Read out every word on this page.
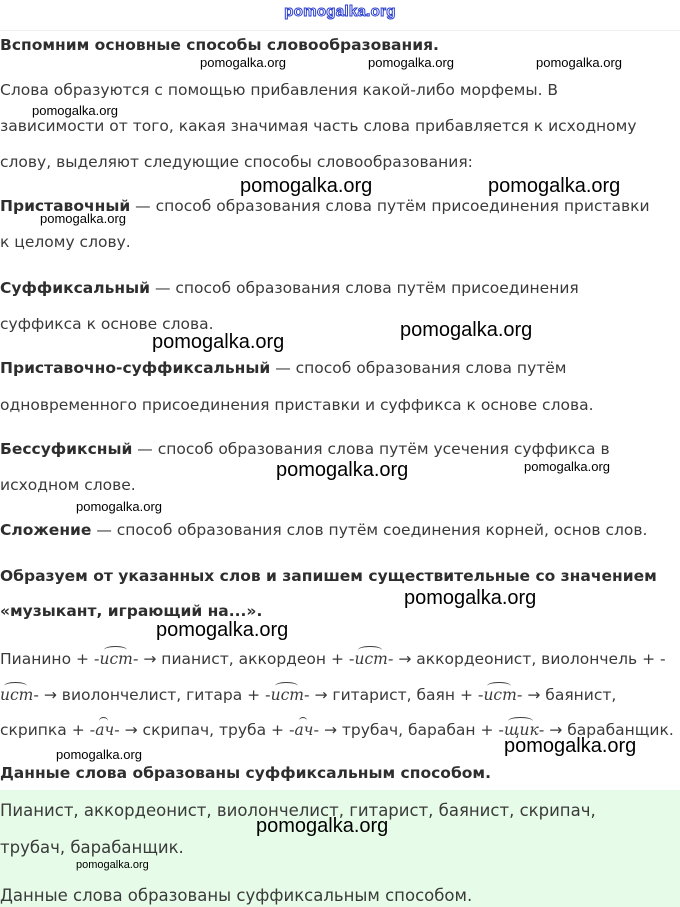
pomogalka.org
Вспомним основные способы словообразования.
Слова образуются с помощью прибавления какой-либо морфемы. В
зависимости от того, какая значимая часть слова прибавляется к исходному
слову, выделяют следующие способы словообразования:
Приставочный — способ образования слова путём присоединения приставки
к целому слову.
Суффиксальный — способ образования слова путём присоединения
суффикса к основе слова.
Приставочно-суффиксальный — способ образования слова путём
одновременного присоединения приставки и суффикса к основе слова.
Бессуфиксный — способ образования слова путём усечения суффикса в
исходном слове.
Сложение — способ образования слов путём соединения корней, основ слов.
Образуем от указанных слов и запишем существительные со значением
«музыкант, играющий на...».
Пианино + -ист- → пианист, аккордеон + -ист- → аккордеонист, виолончель + -
ист- → виолончелист, гитара + -ист- → гитарист, баян + -ист- → баянист,
скрипка + -ач- → скрипач, труба + -ач- → трубач, барабан + -щик- → барабанщик.
Данные слова образованы суффиксальным способом.
Пианист, аккордеонист, виолончелист, гитарист, баянист, скрипач,
трубач, барабанщик.
Данные слова образованы суффиксальным способом.
pomogalka.org	pomogalka.org	pomogalka.org
pomogalka.org
pomogalka.org	pomogalka.org
pomogalka.org
pomogalka.org
pomogalka.org
pomogalka.org	pomogalka.org
pomogalka.org
pomogalka.org
pomogalka.org
pomogalka.org
pomogalka.org
pomogalka.org
pomogalka.org
